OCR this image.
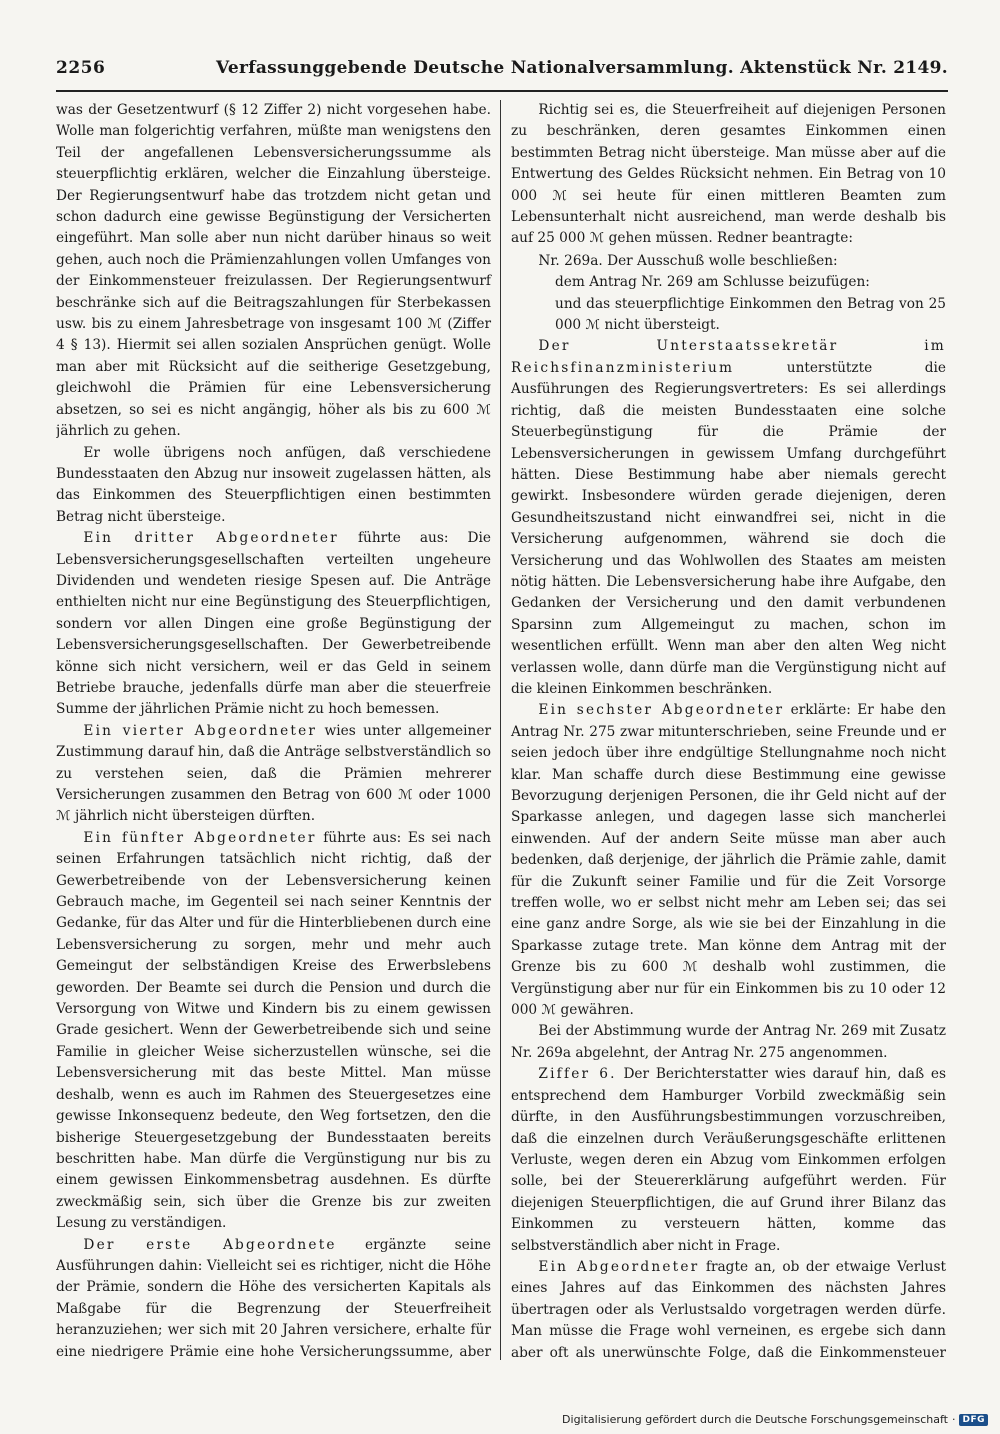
2256	Verfassunggebende Deutsche Nationalversammlung. Aktenstück Nr. 2149.

was der Gesetzentwurf (§ 12 Ziffer 2) nicht vorgesehen habe. Wolle man folgerichtig verfahren, müßte man wenigstens den Teil der angefallenen Lebensversicherungssumme als steuerpflichtig erklären, welcher die Einzahlung übersteige. Der Regierungsentwurf habe das trotzdem nicht getan und schon dadurch eine gewisse Begünstigung der Versicherten eingeführt. Man solle aber nun nicht darüber hinaus so weit gehen, auch noch die Prämienzahlungen vollen Umfanges von der Einkommensteuer freizulassen. Der Regierungsentwurf beschränke sich auf die Beitragszahlungen für Sterbekassen usw. bis zu einem Jahresbetrage von insgesamt 100 ℳ (Ziffer 4 § 13). Hiermit sei allen sozialen Ansprüchen genügt. Wolle man aber mit Rücksicht auf die seitherige Gesetzgebung, gleichwohl die Prämien für eine Lebensversicherung absetzen, so sei es nicht angängig, höher als bis zu 600 ℳ jährlich zu gehen.

Er wolle übrigens noch anfügen, daß verschiedene Bundesstaaten den Abzug nur insoweit zugelassen hätten, als das Einkommen des Steuerpflichtigen einen bestimmten Betrag nicht übersteige.

Ein dritter Abgeordneter führte aus: Die Lebensversicherungsgesellschaften verteilten ungeheure Dividenden und wendeten riesige Spesen auf. Die Anträge enthielten nicht nur eine Begünstigung des Steuerpflichtigen, sondern vor allen Dingen eine große Begünstigung der Lebensversicherungsgesellschaften. Der Gewerbetreibende könne sich nicht versichern, weil er das Geld in seinem Betriebe brauche, jedenfalls dürfe man aber die steuerfreie Summe der jährlichen Prämie nicht zu hoch bemessen.

Ein vierter Abgeordneter wies unter allgemeiner Zustimmung darauf hin, daß die Anträge selbstverständlich so zu verstehen seien, daß die Prämien mehrerer Versicherungen zusammen den Betrag von 600 ℳ oder 1000 ℳ jährlich nicht übersteigen dürften.

Ein fünfter Abgeordneter führte aus: Es sei nach seinen Erfahrungen tatsächlich nicht richtig, daß der Gewerbetreibende von der Lebensversicherung keinen Gebrauch mache, im Gegenteil sei nach seiner Kenntnis der Gedanke, für das Alter und für die Hinterbliebenen durch eine Lebensversicherung zu sorgen, mehr und mehr auch Gemeingut der selbständigen Kreise des Erwerbslebens geworden. Der Beamte sei durch die Pension und durch die Versorgung von Witwe und Kindern bis zu einem gewissen Grade gesichert. Wenn der Gewerbetreibende sich und seine Familie in gleicher Weise sicherzustellen wünsche, sei die Lebensversicherung mit das beste Mittel. Man müsse deshalb, wenn es auch im Rahmen des Steuergesetzes eine gewisse Inkonsequenz bedeute, den Weg fortsetzen, den die bisherige Steuergesetzgebung der Bundesstaaten bereits beschritten habe. Man dürfe die Vergünstigung nur bis zu einem gewissen Einkommensbetrag ausdehnen. Es dürfte zweckmäßig sein, sich über die Grenze bis zur zweiten Lesung zu verständigen.

Der erste Abgeordnete ergänzte seine Ausführungen dahin: Vielleicht sei es richtiger, nicht die Höhe der Prämie, sondern die Höhe des versicherten Kapitals als Maßgabe für die Begrenzung der Steuerfreiheit heranzuziehen; wer sich mit 20 Jahren versichere, erhalte für eine niedrigere Prämie eine hohe Versicherungssumme, aber

Richtig sei es, die Steuerfreiheit auf diejenigen Personen zu beschränken, deren gesamtes Einkommen einen bestimmten Betrag nicht übersteige. Man müsse aber auf die Entwertung des Geldes Rücksicht nehmen. Ein Betrag von 10 000 ℳ sei heute für einen mittleren Beamten zum Lebensunterhalt nicht ausreichend, man werde deshalb bis auf 25 000 ℳ gehen müssen. Redner beantragte:

Nr. 269a. Der Ausschuß wolle beschließen:

dem Antrag Nr. 269 am Schlusse beizufügen:

und das steuerpflichtige Einkommen den Betrag von 25 000 ℳ nicht übersteigt.

Der Unterstaatssekretär im Reichsfinanzministerium unterstützte die Ausführungen des Regierungsvertreters: Es sei allerdings richtig, daß die meisten Bundesstaaten eine solche Steuerbegünstigung für die Prämie der Lebensversicherungen in gewissem Umfang durchgeführt hätten. Diese Bestimmung habe aber niemals gerecht gewirkt. Insbesondere würden gerade diejenigen, deren Gesundheitszustand nicht einwandfrei sei, nicht in die Versicherung aufgenommen, während sie doch die Versicherung und das Wohlwollen des Staates am meisten nötig hätten. Die Lebensversicherung habe ihre Aufgabe, den Gedanken der Versicherung und den damit verbundenen Sparsinn zum Allgemeingut zu machen, schon im wesentlichen erfüllt. Wenn man aber den alten Weg nicht verlassen wolle, dann dürfe man die Vergünstigung nicht auf die kleinen Einkommen beschränken.

Ein sechster Abgeordneter erklärte: Er habe den Antrag Nr. 275 zwar mitunterschrieben, seine Freunde und er seien jedoch über ihre endgültige Stellungnahme noch nicht klar. Man schaffe durch diese Bestimmung eine gewisse Bevorzugung derjenigen Personen, die ihr Geld nicht auf der Sparkasse anlegen, und dagegen lasse sich mancherlei einwenden. Auf der andern Seite müsse man aber auch bedenken, daß derjenige, der jährlich die Prämie zahle, damit für die Zukunft seiner Familie und für die Zeit Vorsorge treffen wolle, wo er selbst nicht mehr am Leben sei; das sei eine ganz andre Sorge, als wie sie bei der Einzahlung in die Sparkasse zutage trete. Man könne dem Antrag mit der Grenze bis zu 600 ℳ deshalb wohl zustimmen, die Vergünstigung aber nur für ein Einkommen bis zu 10 oder 12 000 ℳ gewähren.

Bei der Abstimmung wurde der Antrag Nr. 269 mit Zusatz Nr. 269a abgelehnt, der Antrag Nr. 275 angenommen.

Ziffer 6. Der Berichterstatter wies darauf hin, daß es entsprechend dem Hamburger Vorbild zweckmäßig sein dürfte, in den Ausführungsbestimmungen vorzuschreiben, daß die einzelnen durch Veräußerungsgeschäfte erlittenen Verluste, wegen deren ein Abzug vom Einkommen erfolgen solle, bei der Steuererklärung aufgeführt werden. Für diejenigen Steuerpflichtigen, die auf Grund ihrer Bilanz das Einkommen zu versteuern hätten, komme das selbstverständlich aber nicht in Frage.

Ein Abgeordneter fragte an, ob der etwaige Verlust eines Jahres auf das Einkommen des nächsten Jahres übertragen oder als Verlustsaldo vorgetragen werden dürfe. Man müsse die Frage wohl verneinen, es ergebe sich dann aber oft als unerwünschte Folge, daß die Einkommensteuer

Digitalisierung gefördert durch die Deutsche Forschungsgemeinschaft · DFG
